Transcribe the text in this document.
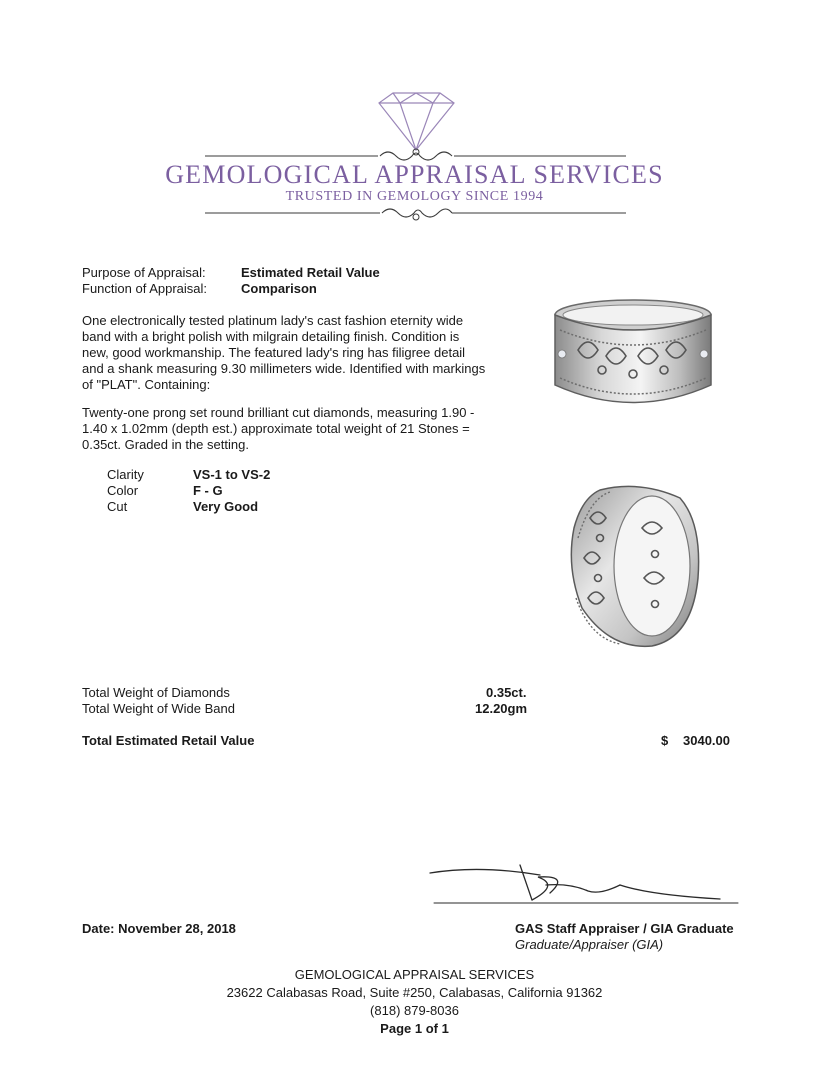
GEMOLOGICAL APPRAISAL SERVICES
TRUSTED IN GEMOLOGY SINCE 1994
Purpose of Appraisal:	Estimated Retail Value
Function of Appraisal:	Comparison
One electronically tested platinum lady's cast fashion eternity wide band with a bright polish with milgrain detailing finish. Condition is new, good workmanship. The featured lady's ring has filigree detail and a shank measuring 9.30 millimeters wide. Identified with markings of "PLAT". Containing:
Twenty-one prong set round brilliant cut diamonds, measuring 1.90 - 1.40 x 1.02mm (depth est.) approximate total weight of 21 Stones = 0.35ct. Graded in the setting.
Clarity	VS-1 to VS-2
Color	F - G
Cut	Very Good
Total Weight of Diamonds	0.35ct.
Total Weight of Wide Band	12.20gm
Total Estimated Retail Value	$ 3040.00
Date: November 28, 2018	GAS Staff Appraiser / GIA Graduate
Graduate/Appraiser (GIA)
GEMOLOGICAL APPRAISAL SERVICES
23622 Calabasas Road, Suite #250, Calabasas, California 91362
(818) 879-8036
Page 1 of 1
